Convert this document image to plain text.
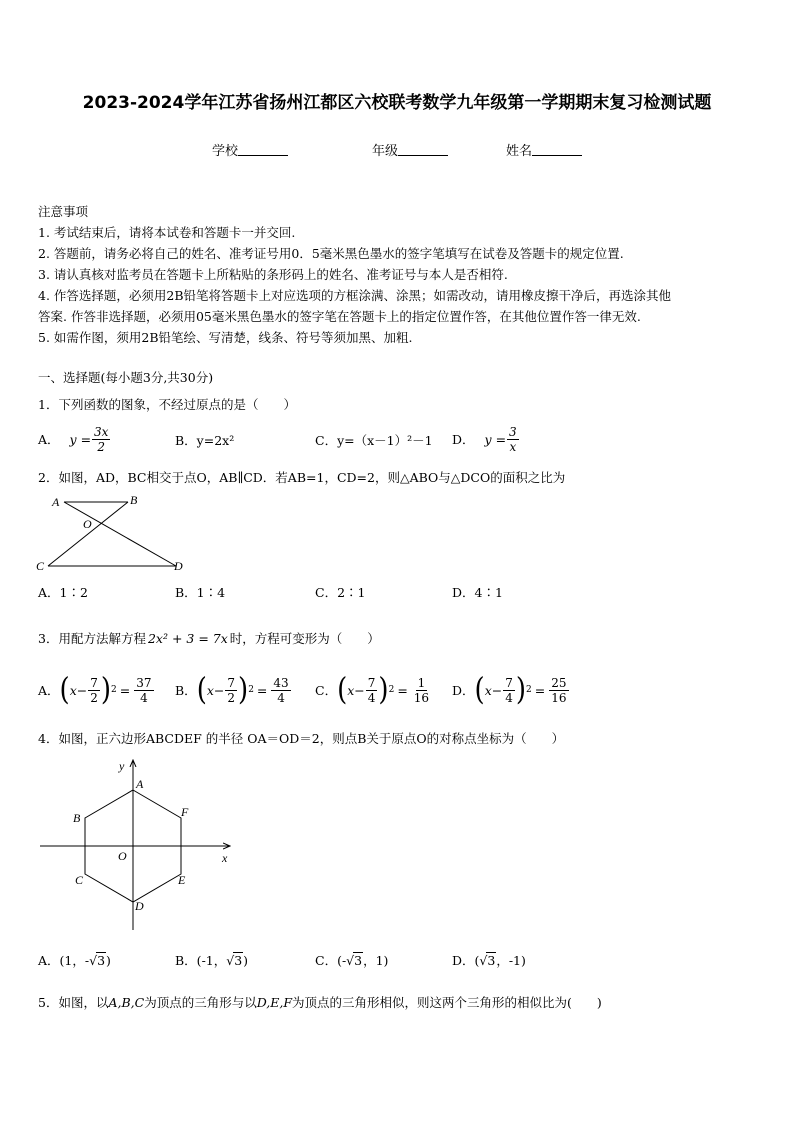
2023-2024学年江苏省扬州江都区六校联考数学九年级第一学期期末复习检测试题
学校	年级	姓名
注意事项
1. 考试结束后，请将本试卷和答题卡一并交回.
2. 答题前，请务必将自己的姓名、准考证号用0．5毫米黑色墨水的签字笔填写在试卷及答题卡的规定位置.
3. 请认真核对监考员在答题卡上所粘贴的条形码上的姓名、准考证号与本人是否相符.
4. 作答选择题，必须用2B铅笔将答题卡上对应选项的方框涂满、涂黑；如需改动，请用橡皮擦干净后，再选涂其他
答案. 作答非选择题，必须用05毫米黑色墨水的签字笔在答题卡上的指定位置作答，在其他位置作答一律无效.
5. 如需作图，须用2B铅笔绘、写清楚，线条、符号等须加黑、加粗.
一、选择题(每小题3分,共30分)
1．下列函数的图象，不经过原点的是（　　）
A． $y = \frac{3x}{2}$	B．y=2x²	C．y=（x－1）²－1 D． $y = \frac{3}{x}$
2．如图，AD，BC相交于点O，AB∥CD．若AB=1，CD=2，则△ABO与△DCO的面积之比为
A	B
O
C	D
A．1∶2	B．1∶4	C．2∶1	D．4∶1
3．用配方法解方程 2x² + 3 = 7x 时，方程可变形为（　　）
A． ( $x - \frac{7}{2}$ ) $2 = \frac{37}{4}$ B． ( $x - \frac{7}{2}$ ) $2 = \frac{43}{4}$ C． ( $x - \frac{7}{4}$ ) $2 = \frac{1}{16}$ D． ( $x - \frac{7}{4}$ ) $2 = \frac{25}{16}$
4．如图，正六边形ABCDEF 的半径 OA＝OD＝2，则点B关于原点O的对称点坐标为（　　）
y
x
A
B
C
D
E
F
O
A．(1，-√3)	B．(-1，√3)	C．(-√3，1)	D．(√3，-1)
5．如图，以A,B,C为顶点的三角形与以D,E,F为顶点的三角形相似，则这两个三角形的相似比为(　　)
